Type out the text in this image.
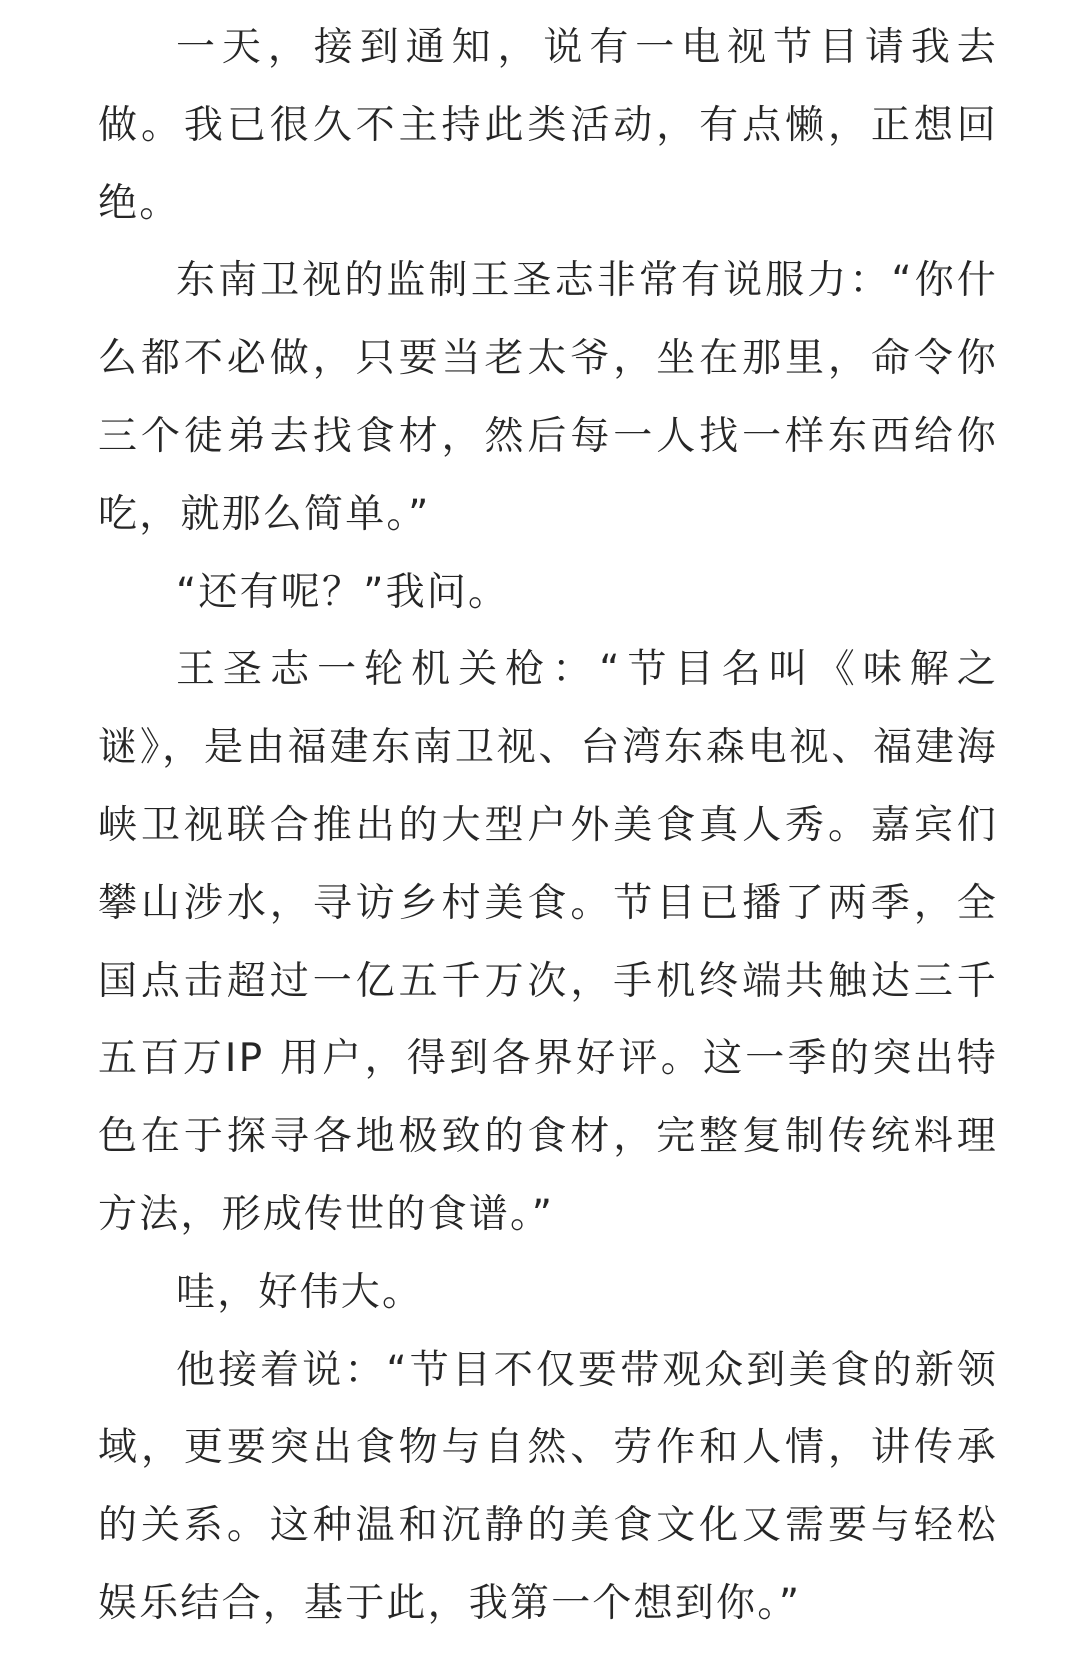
一天，接到通知，说有一电视节目请我去做。我已很久不主持此类活动，有点懒，正想回绝。

东南卫视的监制王圣志非常有说服力：“你什么都不必做，只要当老太爷，坐在那里，命令你三个徒弟去找食材，然后每一人找一样东西给你吃，就那么简单。”

“还有呢？”我问。

王圣志一轮机关枪：“节目名叫《味解之谜》，是由福建东南卫视、台湾东森电视、福建海峡卫视联合推出的大型户外美食真人秀。嘉宾们攀山涉水，寻访乡村美食。节目已播了两季，全国点击超过一亿五千万次，手机终端共触达三千五百万IP 用户，得到各界好评。这一季的突出特色在于探寻各地极致的食材，完整复制传统料理方法，形成传世的食谱。”

哇，好伟大。

他接着说：“节目不仅要带观众到美食的新领域，更要突出食物与自然、劳作和人情，讲传承的关系。这种温和沉静的美食文化又需要与轻松娱乐结合，基于此，我第一个想到你。”
